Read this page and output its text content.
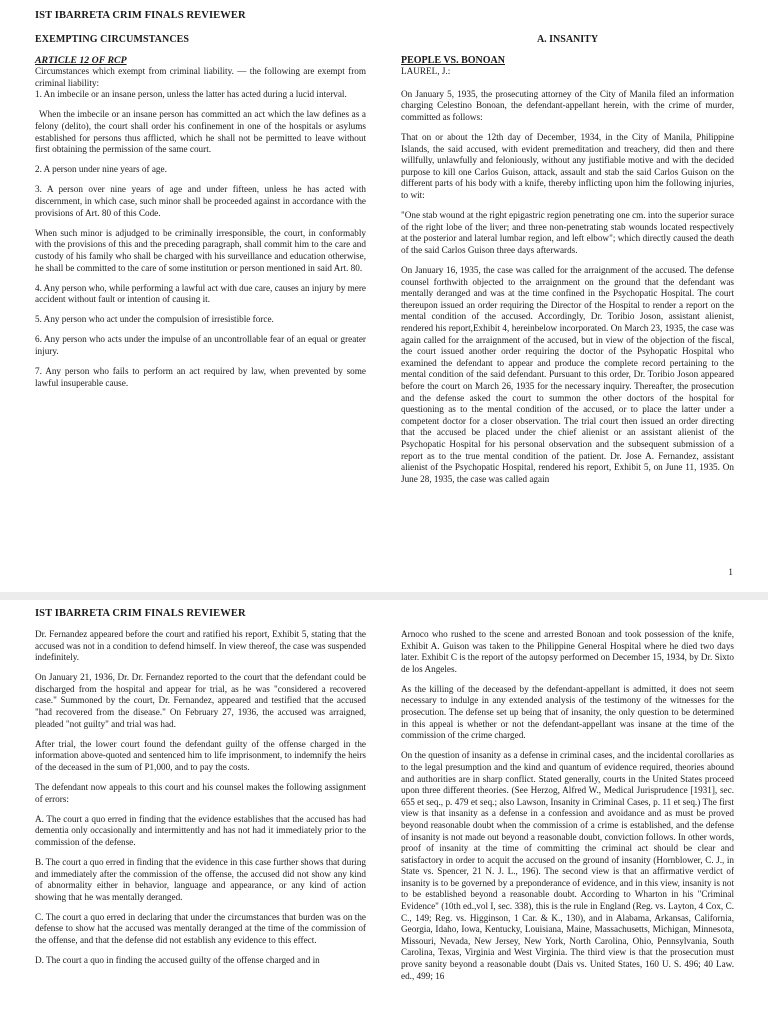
IST IBARRETA CRIM FINALS REVIEWER
EXEMPTING CIRCUMSTANCES
ARTICLE 12 OF RCP

Circumstances which exempt from criminal liability. — the following are exempt from criminal liability:

1. An imbecile or an insane person, unless the latter has acted during a lucid interval.

When the imbecile or an insane person has committed an act which the law defines as a felony (delito), the court shall order his confinement in one of the hospitals or asylums established for persons thus afflicted, which he shall not be permitted to leave without first obtaining the permission of the same court.

2. A person under nine years of age.

3. A person over nine years of age and under fifteen, unless he has acted with discernment, in which case, such minor shall be proceeded against in accordance with the provisions of Art. 80 of this Code.

When such minor is adjudged to be criminally irresponsible, the court, in conformably with the provisions of this and the preceding paragraph, shall commit him to the care and custody of his family who shall be charged with his surveillance and education otherwise, he shall be committed to the care of some institution or person mentioned in said Art. 80.

4. Any person who, while performing a lawful act with due care, causes an injury by mere accident without fault or intention of causing it.

5. Any person who act under the compulsion of irresistible force.

6. Any person who acts under the impulse of an uncontrollable fear of an equal or greater injury.

7. Any person who fails to perform an act required by law, when prevented by some lawful insuperable cause.

A. INSANITY
PEOPLE VS. BONOAN

LAUREL, J.:

On January 5, 1935, the prosecuting attorney of the City of Manila filed an information charging Celestino Bonoan, the defendant-appellant herein, with the crime of murder, committed as follows:

That on or about the 12th day of December, 1934, in the City of Manila, Philippine Islands, the said accused, with evident premeditation and treachery, did then and there willfully, unlawfully and feloniously, without any justifiable motive and with the decided purpose to kill one Carlos Guison, attack, assault and stab the said Carlos Guison on the different parts of his body with a knife, thereby inflicting upon him the following injuries, to wit:

"One stab wound at the right epigastric region penetrating one cm. into the superior surace of the right lobe of the liver; and three non-penetrating stab wounds located respectively at the posterior and lateral lumbar region, and left elbow"; which directly caused the death of the said Carlos Guison three days afterwards.

On January 16, 1935, the case was called for the arraignment of the accused. The defense counsel forthwith objected to the arraignment on the ground that the defendant was mentally deranged and was at the time confined in the Psychopatic Hospital. The court thereupon issued an order requiring the Director of the Hospital to render a report on the mental condition of the accused. Accordingly, Dr. Toribio Joson, assistant alienist, rendered his report,Exhibit 4, hereinbelow incorporated. On March 23, 1935, the case was again called for the arraignment of the accused, but in view of the objection of the fiscal, the court issued another order requiring the doctor of the Psyhopatic Hospital who examined the defendant to appear and produce the complete record pertaining to the mental condition of the said defendant. Pursuant to this order, Dr. Toribio Joson appeared before the court on March 26, 1935 for the necessary inquiry. Thereafter, the prosecution and the defense asked the court to summon the other doctors of the hospital for questioning as to the mental condition of the accused, or to place the latter under a competent doctor for a closer observation. The trial court then issued an order directing that the accused be placed under the chief alienist or an assistant alienist of the Psychopatic Hospital for his personal observation and the subsequent submission of a report as to the true mental condition of the patient. Dr. Jose A. Fernandez, assistant alienist of the Psychopatic Hospital, rendered his report, Exhibit 5, on June 11, 1935. On June 28, 1935, the case was called again

1
IST IBARRETA CRIM FINALS REVIEWER

Dr. Fernandez appeared before the court and ratified his report, Exhibit 5, stating that the accused was not in a condition to defend himself. In view thereof, the case was suspended indefinitely.

On January 21, 1936, Dr. Dr. Fernandez reported to the court that the defendant could be discharged from the hospital and appear for trial, as he was "considered a recovered case." Summoned by the court, Dr. Fernandez, appeared and testified that the accused "had recovered from the disease." On February 27, 1936, the accused was arraigned, pleaded "not guilty" and trial was had.

After trial, the lower court found the defendant guilty of the offense charged in the information above-quoted and sentenced him to life imprisonment, to indemnify the heirs of the deceased in the sum of P1,000, and to pay the costs.

The defendant now appeals to this court and his counsel makes the following assignment of errors:

A. The court a quo erred in finding that the evidence establishes that the accused has had dementia only occasionally and intermittently and has not had it immediately prior to the commission of the defense.

B. The court a quo erred in finding that the evidence in this case further shows that during and immediately after the commission of the offense, the accused did not show any kind of abnormality either in behavior, language and appearance, or any kind of action showing that he was mentally deranged.

C. The court a quo erred in declaring that under the circumstances that burden was on the defense to show hat the accused was mentally deranged at the time of the commission of the offense, and that the defense did not establish any evidence to this effect.

D. The court a quo in finding the accused guilty of the offense charged and in

Arnoco who rushed to the scene and arrested Bonoan and took possession of the knife, Exhibit A. Guison was taken to the Philippine General Hospital where he died two days later. Exhibit C is the report of the autopsy performed on December 15, 1934, by Dr. Sixto de los Angeles.

As the killing of the deceased by the defendant-appellant is admitted, it does not seem necessary to indulge in any extended analysis of the testimony of the witnesses for the prosecution. The defense set up being that of insanity, the only question to be determined in this appeal is whether or not the defendant-appellant was insane at the time of the commission of the crime charged.

On the question of insanity as a defense in criminal cases, and the incidental corollaries as to the legal presumption and the kind and quantum of evidence required, theories abound and authorities are in sharp conflict. Stated generally, courts in the United States proceed upon three different theories. (See Herzog, Alfred W., Medical Jurisprudence [1931], sec. 655 et seq., p. 479 et seq.; also Lawson, Insanity in Criminal Cases, p. 11 et seq.) The first view is that insanity as a defense in a confession and avoidance and as must be proved beyond reasonable doubt when the commission of a crime is established, and the defense of insanity is not made out beyond a reasonable doubt, conviction follows. In other words, proof of insanity at the time of committing the criminal act should be clear and satisfactory in order to acquit the accused on the ground of insanity (Hornblower, C. J., in State vs. Spencer, 21 N. J. L., 196). The second view is that an affirmative verdict of insanity is to be governed by a preponderance of evidence, and in this view, insanity is not to be established beyond a reasonable doubt. According to Wharton in his "Criminal Evidence" (10th ed.,vol I, sec. 338), this is the rule in England (Reg. vs. Layton, 4 Cox, C. C., 149; Reg. vs. Higginson, 1 Car. & K., 130), and in Alabama, Arkansas, California, Georgia, Idaho, Iowa, Kentucky, Louisiana, Maine, Massachusetts, Michigan, Minnesota, Missouri, Nevada, New Jersey, New York, North Carolina, Ohio, Pennsylvania, South Carolina, Texas, Virginia and West Virginia. The third view is that the prosecution must prove sanity beyond a reasonable doubt (Dais vs. United States, 160 U. S. 496; 40 Law. ed., 499; 16
